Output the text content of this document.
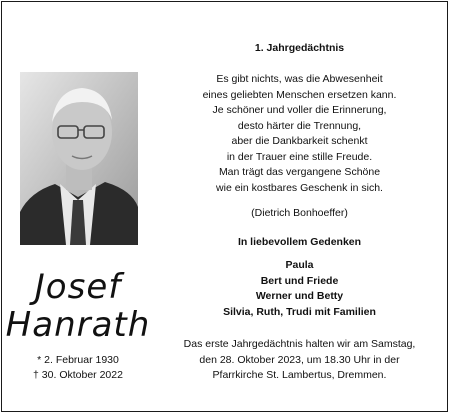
Josef
Hanrath
* 2. Februar 1930
† 30. Oktober 2022
1. Jahrgedächtnis
Es gibt nichts, was die Abwesenheit
eines geliebten Menschen ersetzen kann.
Je schöner und voller die Erinnerung,
desto härter die Trennung,
aber die Dankbarkeit schenkt
in der Trauer eine stille Freude.
Man trägt das vergangene Schöne
wie ein kostbares Geschenk in sich.
(Dietrich Bonhoeffer)
In liebevollem Gedenken
Paula
Bert und Friede
Werner und Betty
Silvia, Ruth, Trudi mit Familien
Das erste Jahrgedächtnis halten wir am Samstag,
den 28. Oktober 2023, um 18.30 Uhr in der
Pfarrkirche St. Lambertus, Dremmen.
